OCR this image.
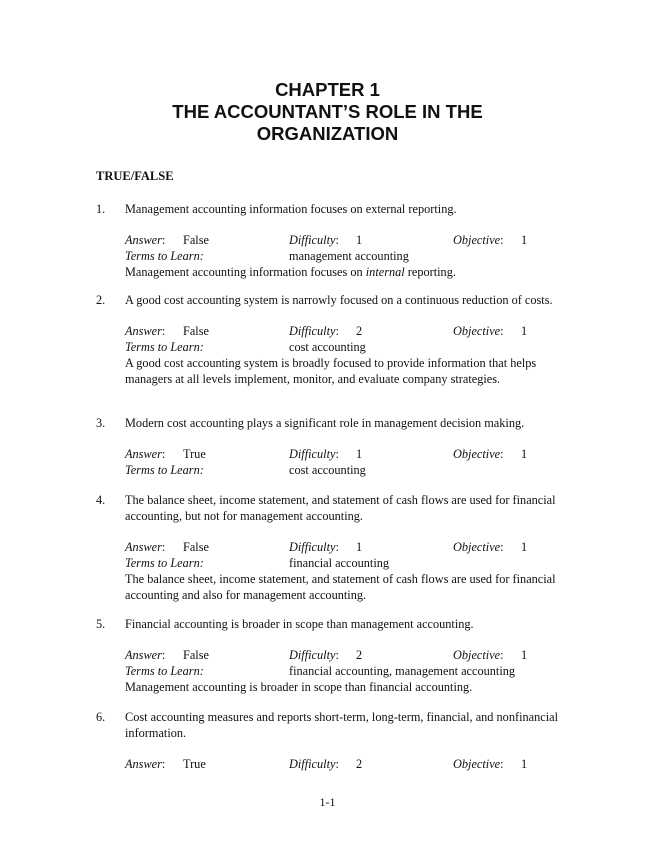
CHAPTER 1
THE ACCOUNTANT’S ROLE IN THE
ORGANIZATION
TRUE/FALSE
1. Management accounting information focuses on external reporting.
Answer: False	Difficulty: 1	Objective: 1
Terms to Learn:	management accounting
Management accounting information focuses on internal reporting.
2. A good cost accounting system is narrowly focused on a continuous reduction of costs.
Answer: False	Difficulty: 2	Objective: 1
Terms to Learn:	cost accounting
A good cost accounting system is broadly focused to provide information that helps managers at all levels implement, monitor, and evaluate company strategies.
3. Modern cost accounting plays a significant role in management decision making.
Answer: True	Difficulty: 1	Objective: 1
Terms to Learn:	cost accounting
4. The balance sheet, income statement, and statement of cash flows are used for financial accounting, but not for management accounting.
Answer: False	Difficulty: 1	Objective: 1
Terms to Learn:	financial accounting
The balance sheet, income statement, and statement of cash flows are used for financial accounting and also for management accounting.
5. Financial accounting is broader in scope than management accounting.
Answer: False	Difficulty: 2	Objective: 1
Terms to Learn:	financial accounting, management accounting
Management accounting is broader in scope than financial accounting.
6. Cost accounting measures and reports short-term, long-term, financial, and nonfinancial information.
Answer: True	Difficulty: 2	Objective: 1
1-1
